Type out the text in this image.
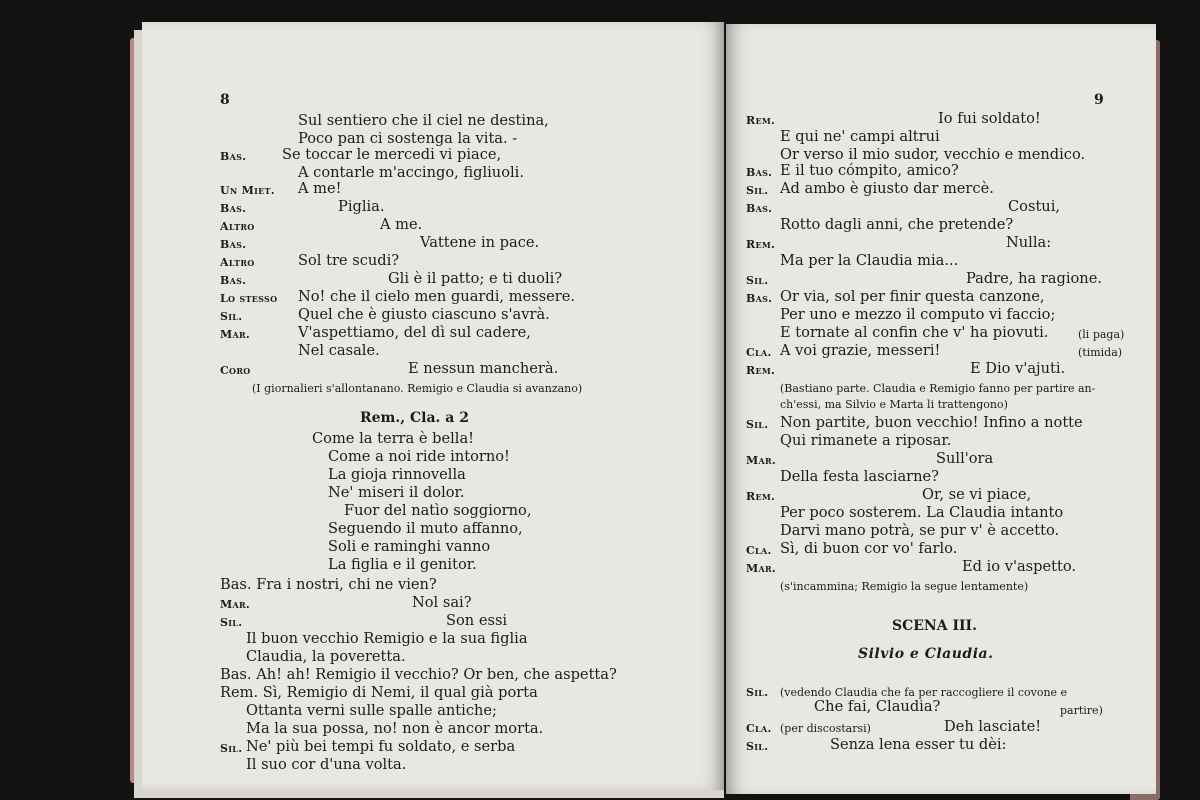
8
Sul sentiero che il ciel ne destina,
Poco pan ci sostenga la vita. -
Bas. Se toccar le mercedi vi piace,
A contarle m'accingo, figliuoli.
Un Miet. A me!
Bas.	Piglia.
Altro	A me.
Bas.	Vattene in pace.
Altro	Sol tre scudi?
Bas.	Gli è il patto; e ti duoli?
Lo stesso No! che il cielo men guardi, messere.
Sil.	Quel che è giusto ciascuno s'avrà.
Mar.	V'aspettiamo, del dì sul cadere,
Nel casale.
Coro	E nessun mancherà.
(I giornalieri s'allontanano. Remigio e Claudia si avanzano)
Rem., Cla. a 2
Come la terra è bella!
Come a noi ride intorno!
La gioja rinnovella
Ne' miseri il dolor.
Fuor del natìo soggiorno,
Seguendo il muto affanno,
Soli e raminghi vanno
La figlia e il genitor.
Bas. Fra i nostri, chi ne vien?
Mar.	Nol sai?
Sil.	Son essi
Il buon vecchio Remigio e la sua figlia
Claudia, la poveretta.
Bas. Ah! ah! Remigio il vecchio? Or ben, che aspetta?
Rem. Sì, Remigio di Nemi, il qual già porta
Ottanta verni sulle spalle antiche;
Ma la sua possa, no! non è ancor morta.
Sil. Ne' più bei tempi fu soldato, e serba
Il suo cor d'una volta.
9
Rem.	Io fui soldato!
E qui ne' campi altrui
Or verso il mio sudor, vecchio e mendico.
Bas. E il tuo cómpito, amico?
Sil. Ad ambo è giusto dar mercè.
Bas.	Costui,
Rotto dagli anni, che pretende?
Rem.	Nulla:
Ma per la Claudia mia...
Sil.	Padre, ha ragione.
Bas. Or via, sol per finir questa canzone,
Per uno e mezzo il computo vi faccio;
E tornate al confin che v' ha piovuti.	(li paga)
Cla. A voi grazie, messeri!	(timida)
Rem.	E Dio v'ajuti.
(Bastiano parte. Claudia e Remigio fanno per partire an-
ch'essi, ma Silvio e Marta li trattengono)
Sil. Non partite, buon vecchio! Infino a notte
Qui rimanete a riposar.
Mar.	Sull'ora
Della festa lasciarne?
Rem.	Or, se vi piace,
Per poco sosterem. La Claudia intanto
Darvi mano potrà, se pur v' è accetto.
Cla. Sì, di buon cor vo' farlo.
Mar.	Ed io v'aspetto.
(s'incammina; Remigio la segue lentamente)
SCENA III.
Silvio e Claudia.
Sil. (vedendo Claudia che fa per raccogliere il covone e
Che fai, Claudia?	partire)
Cla. (per discostarsi)	Deh lasciate!
Sil.	Senza lena esser tu dèi:
